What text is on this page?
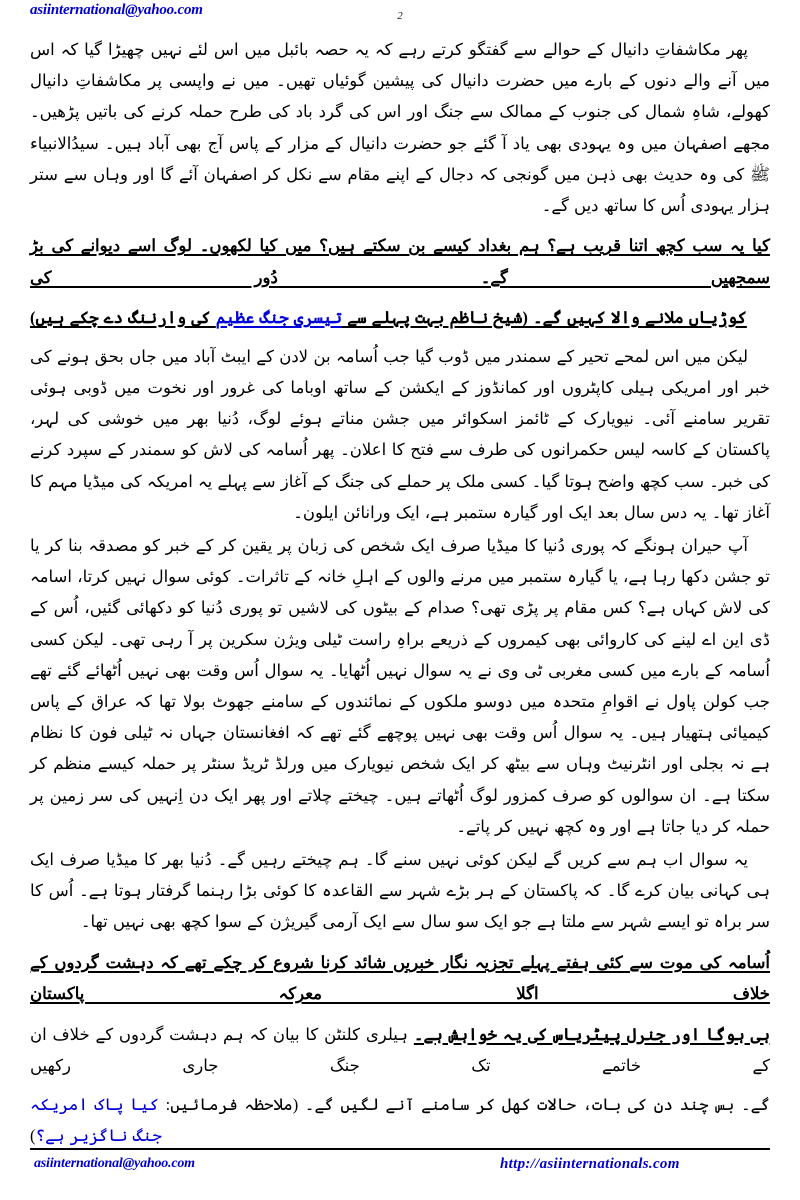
asiinternational@yahoo.com	2

پھر مکاشفاتِ دانیال کے حوالے سے گفتگو کرتے رہے کہ یہ حصہ بائبل میں اس لئے نہیں چھیڑا گیا کہ اس میں آنے والے دنوں کے بارے میں حضرت دانیال کی پیشین گوئیاں تھیں۔ میں نے واپسی پر مکاشفاتِ دانیال کھولے، شاہِ شمال کی جنوب کے ممالک سے جنگ اور اس کی گرد باد کی طرح حملہ کرنے کی باتیں پڑھیں۔ مجھے اصفہان میں وہ یہودی بھی یاد آ گئے جو حضرت دانیال کے مزار کے پاس آج بھی آباد ہیں۔ سیدُالانبیاء ﷺ کی وہ حدیث بھی ذہن میں گونجی کہ دجال کے اپنے مقام سے نکل کر اصفہان آئے گا اور وہاں سے ستر ہزار یہودی اُس کا ساتھ دیں گے۔

کیا یہ سب کچھ اتنا قریب ہے؟ ہم بغداد کیسے بن سکتے ہیں؟ میں کیا لکھوں۔ لوگ اسے دیوانے کی بڑ سمجھیں گے۔ دُور کی
کوڑیاں ملانے والا کہیں گے۔ (شیخ ناظم بہت پہلے سے تیسری جنگ عظیم کی وارننگ دے چکے ہیں)

لیکن میں اس لمحے تحیر کے سمندر میں ڈوب گیا جب اُسامہ بن لادن کے ایبٹ آباد میں جاں بحق ہونے کی خبر اور امریکی ہیلی کاپٹروں اور کمانڈوز کے ایکشن کے ساتھ اوباما کی غرور اور نخوت میں ڈوبی ہوئی تقریر سامنے آئی۔ نیویارک کے ٹائمز اسکوائر میں جشن مناتے ہوئے لوگ، دُنیا بھر میں خوشی کی لہر، پاکستان کے کاسہ لیس حکمرانوں کی طرف سے فتح کا اعلان۔ پھر اُسامہ کی لاش کو سمندر کے سپرد کرنے کی خبر۔ سب کچھ واضح ہوتا گیا۔ کسی ملک پر حملے کی جنگ کے آغاز سے پہلے یہ امریکہ کی میڈیا مہم کا آغاز تھا۔ یہ دس سال بعد ایک اور گیارہ ستمبر ہے، ایک ورانائن ایلون۔

آپ حیران ہونگے کہ پوری دُنیا کا میڈیا صرف ایک شخص کی زبان پر یقین کر کے خبر کو مصدقہ بنا کر یا تو جشن دکھا رہا ہے، یا گیارہ ستمبر میں مرنے والوں کے اہلِ خانہ کے تاثرات۔ کوئی سوال نہیں کرتا، اسامہ کی لاش کہاں ہے؟ کس مقام پر پڑی تھی؟ صدام کے بیٹوں کی لاشیں تو پوری دُنیا کو دکھائی گئیں، اُس کے ڈی این اے لینے کی کاروائی بھی کیمروں کے ذریعے براہِ راست ٹیلی ویژن سکرین پر آ رہی تھی۔ لیکن کسی اُسامہ کے بارے میں کسی مغربی ٹی وی نے یہ سوال نہیں اُٹھایا۔ یہ سوال اُس وقت بھی نہیں اُٹھائے گئے تھے جب کولن پاول نے اقوامِ متحدہ میں دوسو ملکوں کے نمائندوں کے سامنے جھوٹ بولا تھا کہ عراق کے پاس کیمیائی ہتھیار ہیں۔ یہ سوال اُس وقت بھی نہیں پوچھے گئے تھے کہ افغانستان جہاں نہ ٹیلی فون کا نظام ہے نہ بجلی اور انٹرنیٹ وہاں سے بیٹھ کر ایک شخص نیویارک میں ورلڈ ٹریڈ سنٹر پر حملہ کیسے منظم کر سکتا ہے۔ ان سوالوں کو صرف کمزور لوگ اُٹھاتے ہیں۔ چیختے چلاتے اور پھر ایک دن اِنہیں کی سر زمین پر حملہ کر دیا جاتا ہے اور وہ کچھ نہیں کر پاتے۔

یہ سوال اب ہم سے کریں گے لیکن کوئی نہیں سنے گا۔ ہم چیختے رہیں گے۔ دُنیا بھر کا میڈیا صرف ایک ہی کہانی بیان کرے گا۔ کہ پاکستان کے ہر بڑے شہر سے القاعدہ کا کوئی بڑا رہنما گرفتار ہوتا ہے۔ اُس کا سر براہ تو ایسے شہر سے ملتا ہے جو ایک سو سال سے ایک آرمی گیریژن کے سوا کچھ بھی نہیں تھا۔

اُسامہ کی موت سے کئی ہفتے پہلے تجزیہ نگار خبریں شائد کرنا شروع کر چکے تھے کہ دہشت گردوں کے خلاف اگلا معرکہ پاکستان
ہی ہوگا اور جنرل پیٹریاس کی یہ خواہش ہے۔ ہیلری کلنٹن کا بیان کہ ہم دہشت گردوں کے خلاف ان کے خاتمے تک جنگ جاری رکھیں

گے۔ بس چند دن کی بات، حالات کھل کر سامنے آنے لگیں گے۔ (ملاحظہ فرمائیں: کیا پاک امریکہ جنگ ناگزیر ہے؟)

asiinternational@yahoo.com	http://asiinternationals.com
